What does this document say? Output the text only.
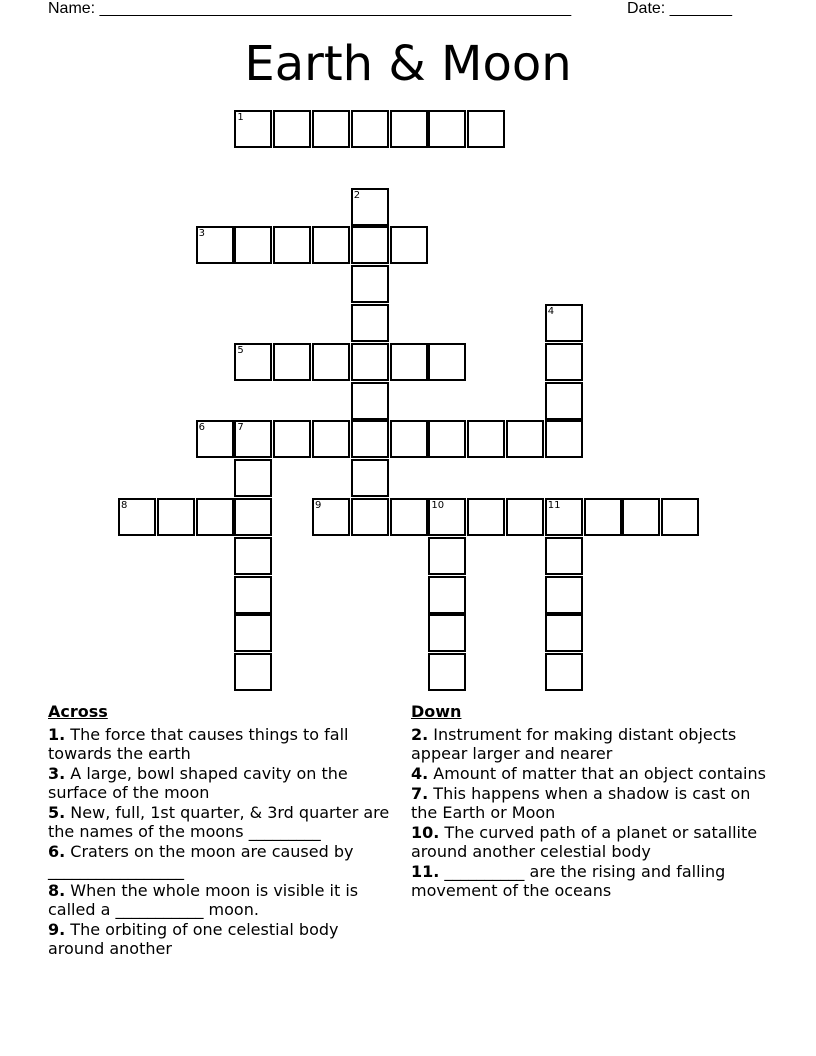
Name: _____________________________________________________	Date: _______
Earth & Moon
1
2
3
4
5
6	7
8	9	10	11
Across
1. The force that causes things to fall towards the earth
3. A large, bowl shaped cavity on the surface of the moon
5. New, full, 1st quarter, & 3rd quarter are the names of the moons _________
6. Craters on the moon are caused by _________________
8. When the whole moon is visible it is called a ___________ moon.
9. The orbiting of one celestial body around another
Down
2. Instrument for making distant objects appear larger and nearer
4. Amount of matter that an object contains
7. This happens when a shadow is cast on the Earth or Moon
10. The curved path of a planet or satallite around another celestial body
11. __________ are the rising and falling movement of the oceans
